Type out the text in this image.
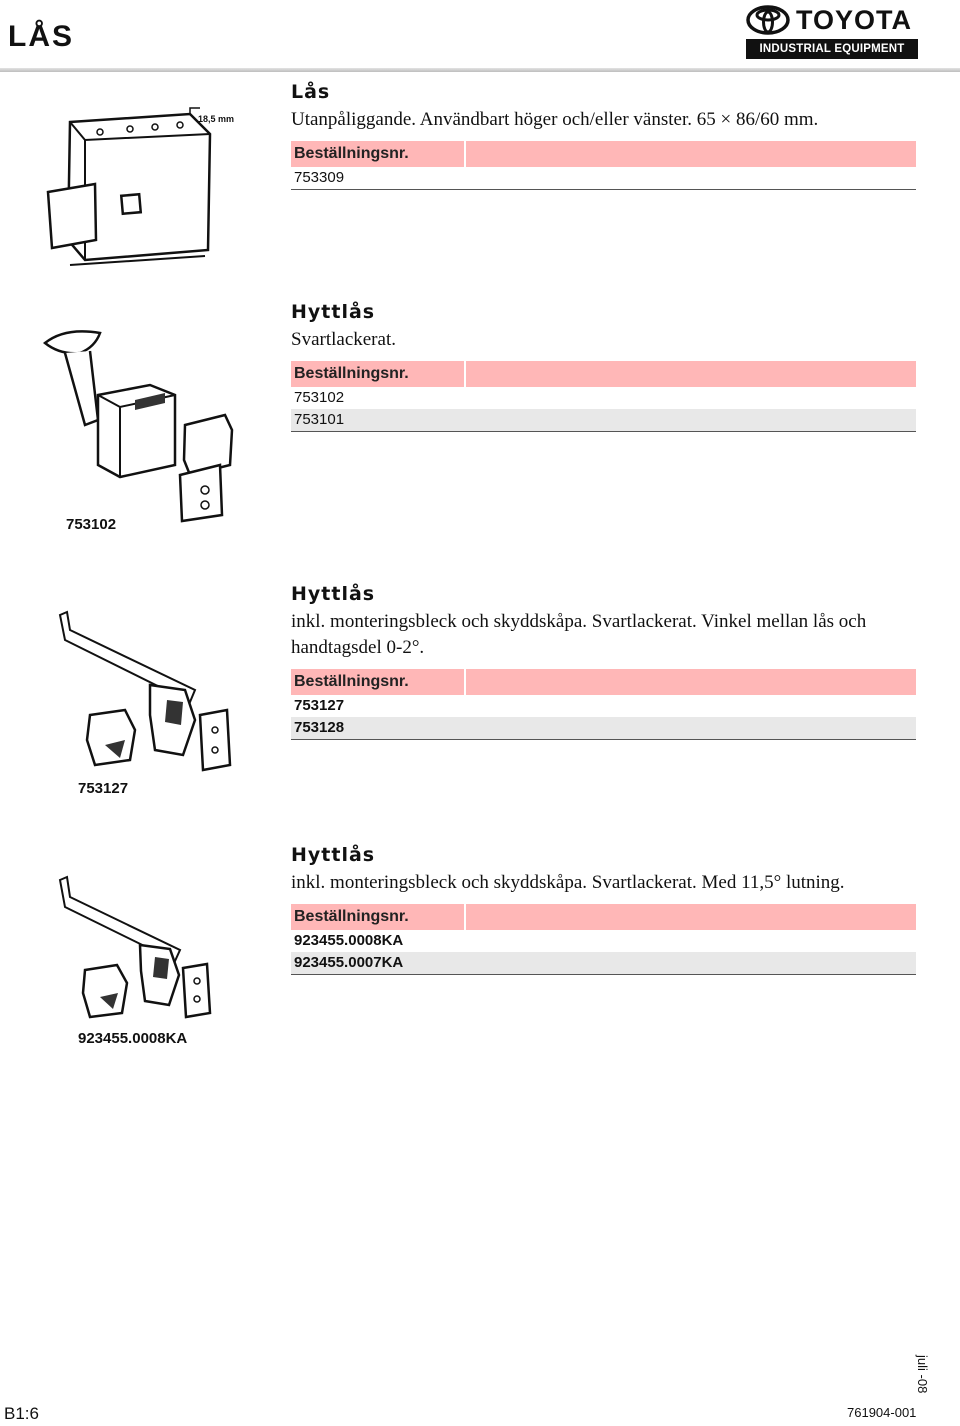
LÅS
TOYOTA
INDUSTRIAL EQUIPMENT
18,5 mm
Lås
Utanpåliggande. Användbart höger och/eller vänster. 65 × 86/60 mm.
Beställningsnr.
753309
753102
Hyttlås
Svartlackerat.
Beställningsnr.
753102
753101
753127
Hyttlås
inkl. monteringsbleck och skyddskåpa. Svartlackerat. Vinkel mellan lås och handtagsdel 0-2°.
Beställningsnr.
753127
753128
923455.0008KA
Hyttlås
inkl. monteringsbleck och skyddskåpa. Svartlackerat. Med 11,5° lutning.
Beställningsnr.
923455.0008KA
923455.0007KA
B1:6	761904-001
juli -08
